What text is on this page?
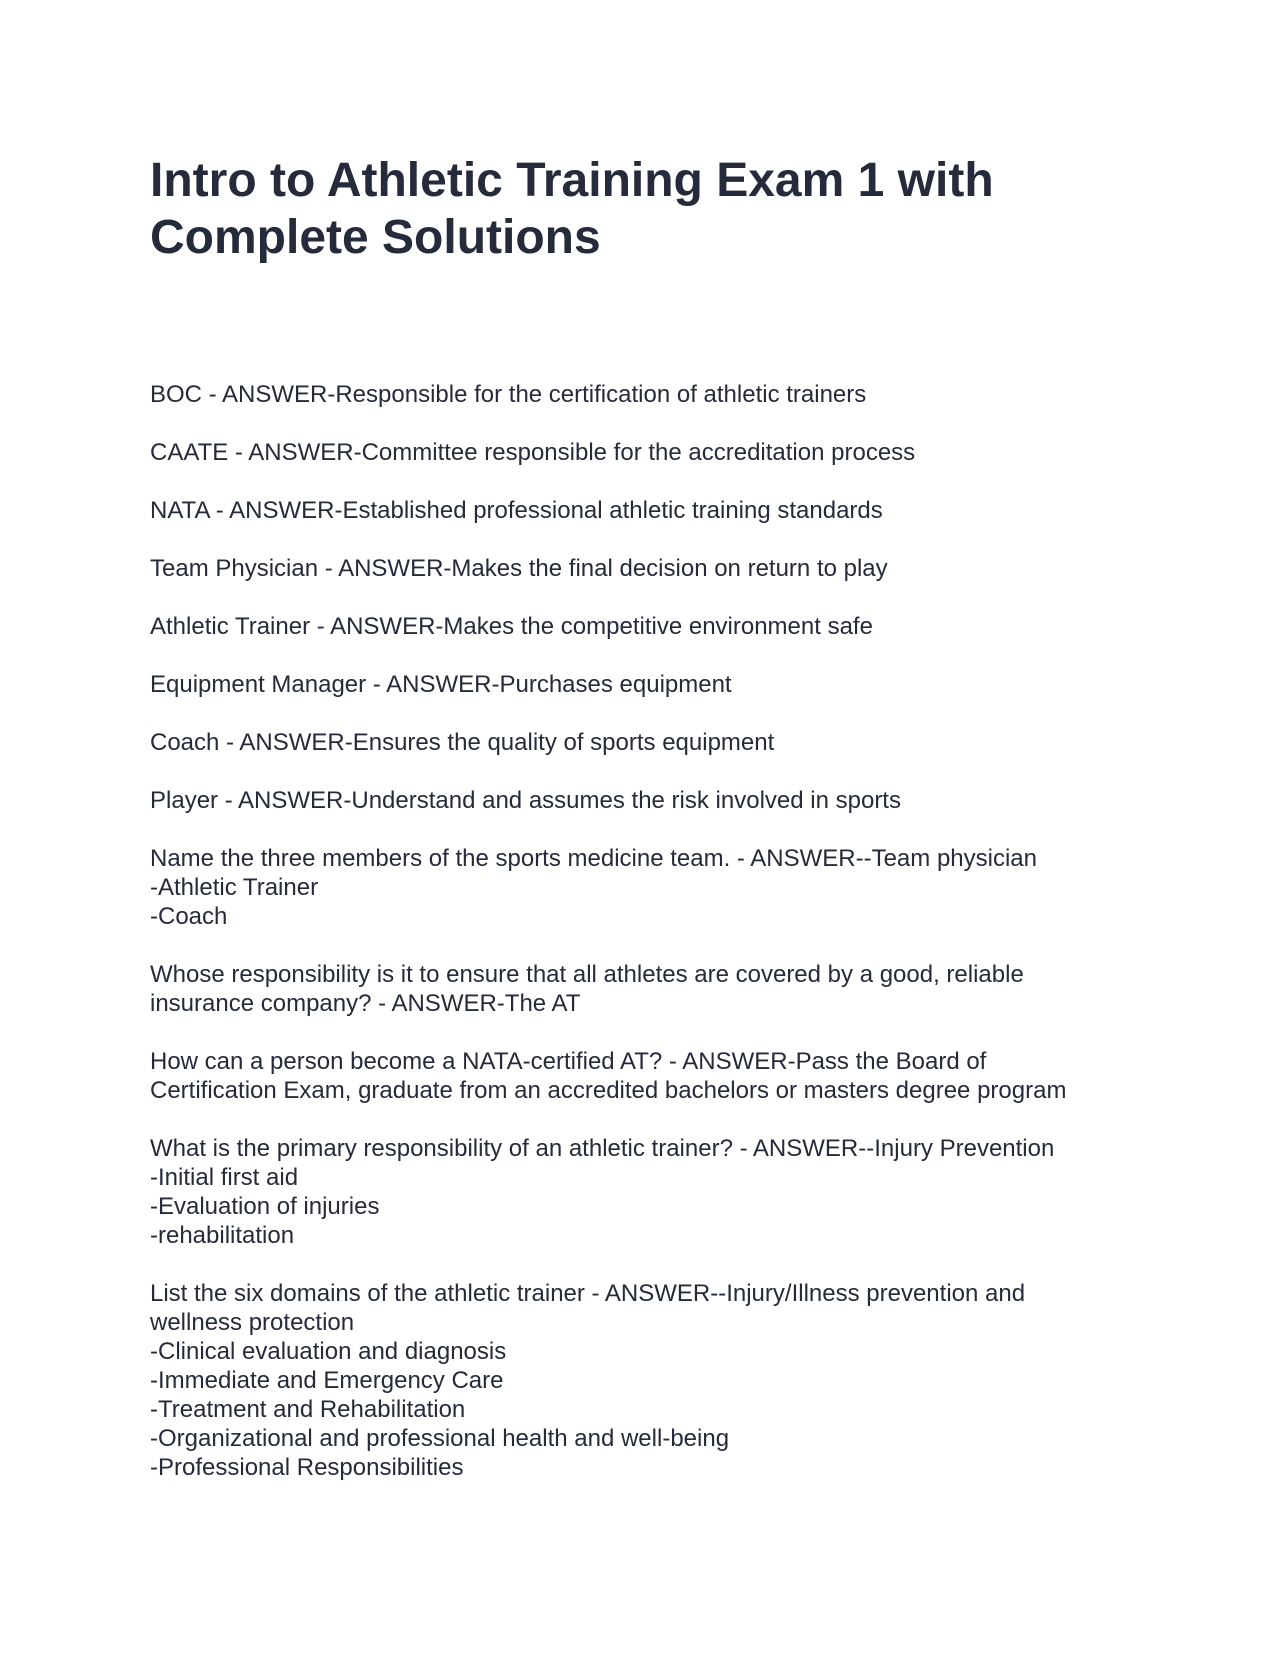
Intro to Athletic Training Exam 1 with Complete Solutions
BOC - ANSWER-Responsible for the certification of athletic trainers
CAATE - ANSWER-Committee responsible for the accreditation process
NATA - ANSWER-Established professional athletic training standards
Team Physician - ANSWER-Makes the final decision on return to play
Athletic Trainer - ANSWER-Makes the competitive environment safe
Equipment Manager - ANSWER-Purchases equipment
Coach - ANSWER-Ensures the quality of sports equipment
Player - ANSWER-Understand and assumes the risk involved in sports
Name the three members of the sports medicine team. - ANSWER--Team physician
-Athletic Trainer
-Coach
Whose responsibility is it to ensure that all athletes are covered by a good, reliable
insurance company? - ANSWER-The AT
How can a person become a NATA-certified AT? - ANSWER-Pass the Board of
Certification Exam, graduate from an accredited bachelors or masters degree program
What is the primary responsibility of an athletic trainer? - ANSWER--Injury Prevention
-Initial first aid
-Evaluation of injuries
-rehabilitation
List the six domains of the athletic trainer - ANSWER--Injury/Illness prevention and
wellness protection
-Clinical evaluation and diagnosis
-Immediate and Emergency Care
-Treatment and Rehabilitation
-Organizational and professional health and well-being
-Professional Responsibilities
